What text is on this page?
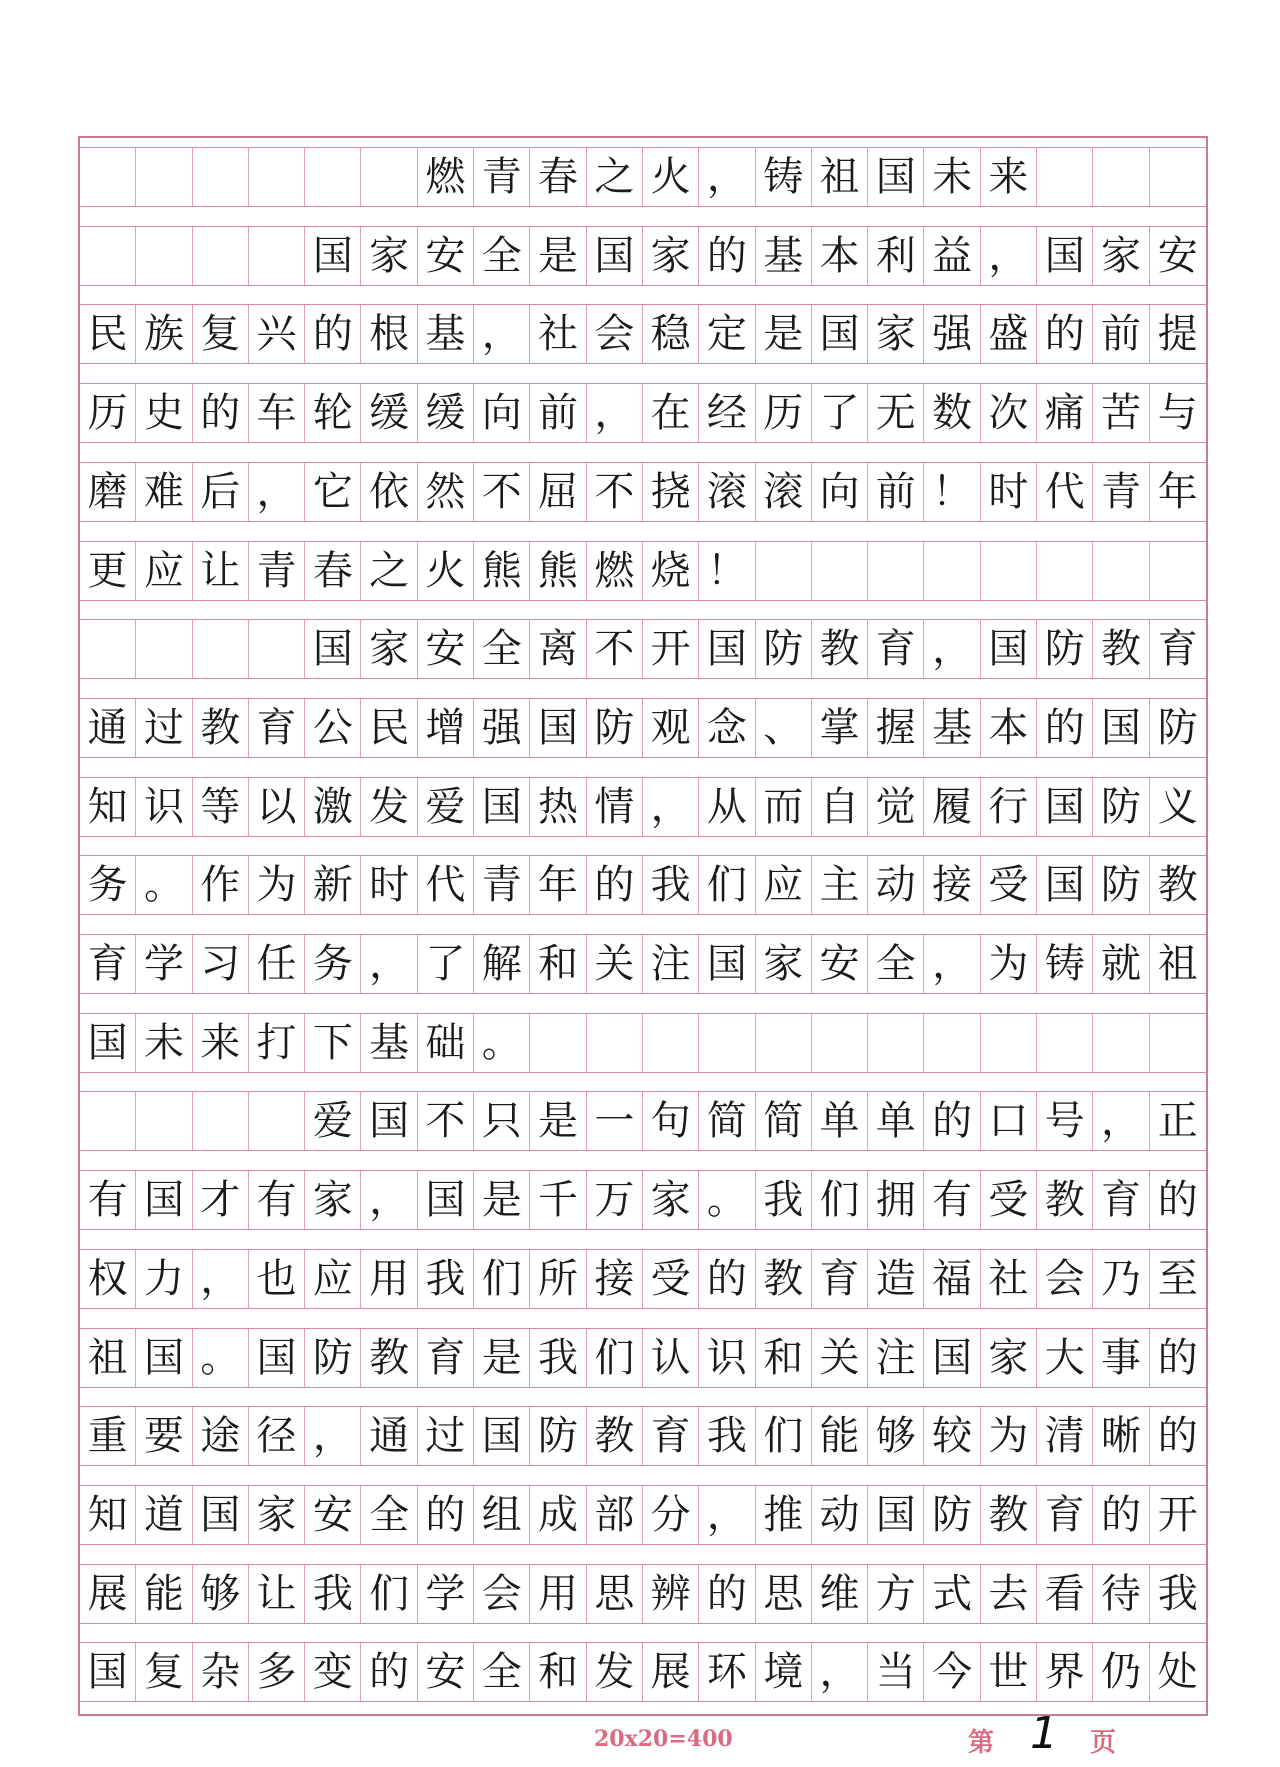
燃 青 春 之 火 ， 铸 祖 国 未 来
国 家 安 全 是 国 家 的 基 本 利 益 ， 国 家 安
民 族 复 兴 的 根 基 ， 社 会 稳 定 是 国 家 强 盛 的 前 提
历 史 的 车 轮 缓 缓 向 前 ， 在 经 历 了 无 数 次 痛 苦 与
磨 难 后 ， 它 依 然 不 屈 不 挠 滚 滚 向 前 ！ 时 代 青 年
更 应 让 青 春 之 火 熊 熊 燃 烧 ！
国 家 安 全 离 不 开 国 防 教 育 ， 国 防 教 育
通 过 教 育 公 民 增 强 国 防 观 念 、 掌 握 基 本 的 国 防
知 识 等 以 激 发 爱 国 热 情 ， 从 而 自 觉 履 行 国 防 义
务 。 作 为 新 时 代 青 年 的 我 们 应 主 动 接 受 国 防 教
育 学 习 任 务 ， 了 解 和 关 注 国 家 安 全 ， 为 铸 就 祖
国 未 来 打 下 基 础 。
爱 国 不 只 是 一 句 简 简 单 单 的 口 号 ， 正
有 国 才 有 家 ， 国 是 千 万 家 。 我 们 拥 有 受 教 育 的
权 力 ， 也 应 用 我 们 所 接 受 的 教 育 造 福 社 会 乃 至
祖 国 。 国 防 教 育 是 我 们 认 识 和 关 注 国 家 大 事 的
重 要 途 径 ， 通 过 国 防 教 育 我 们 能 够 较 为 清 晰 的
知 道 国 家 安 全 的 组 成 部 分 ， 推 动 国 防 教 育 的 开
展 能 够 让 我 们 学 会 用 思 辨 的 思 维 方 式 去 看 待 我
国 复 杂 多 变 的 安 全 和 发 展 环 境 ， 当 今 世 界 仍 处
20x20=400	第 1 页
